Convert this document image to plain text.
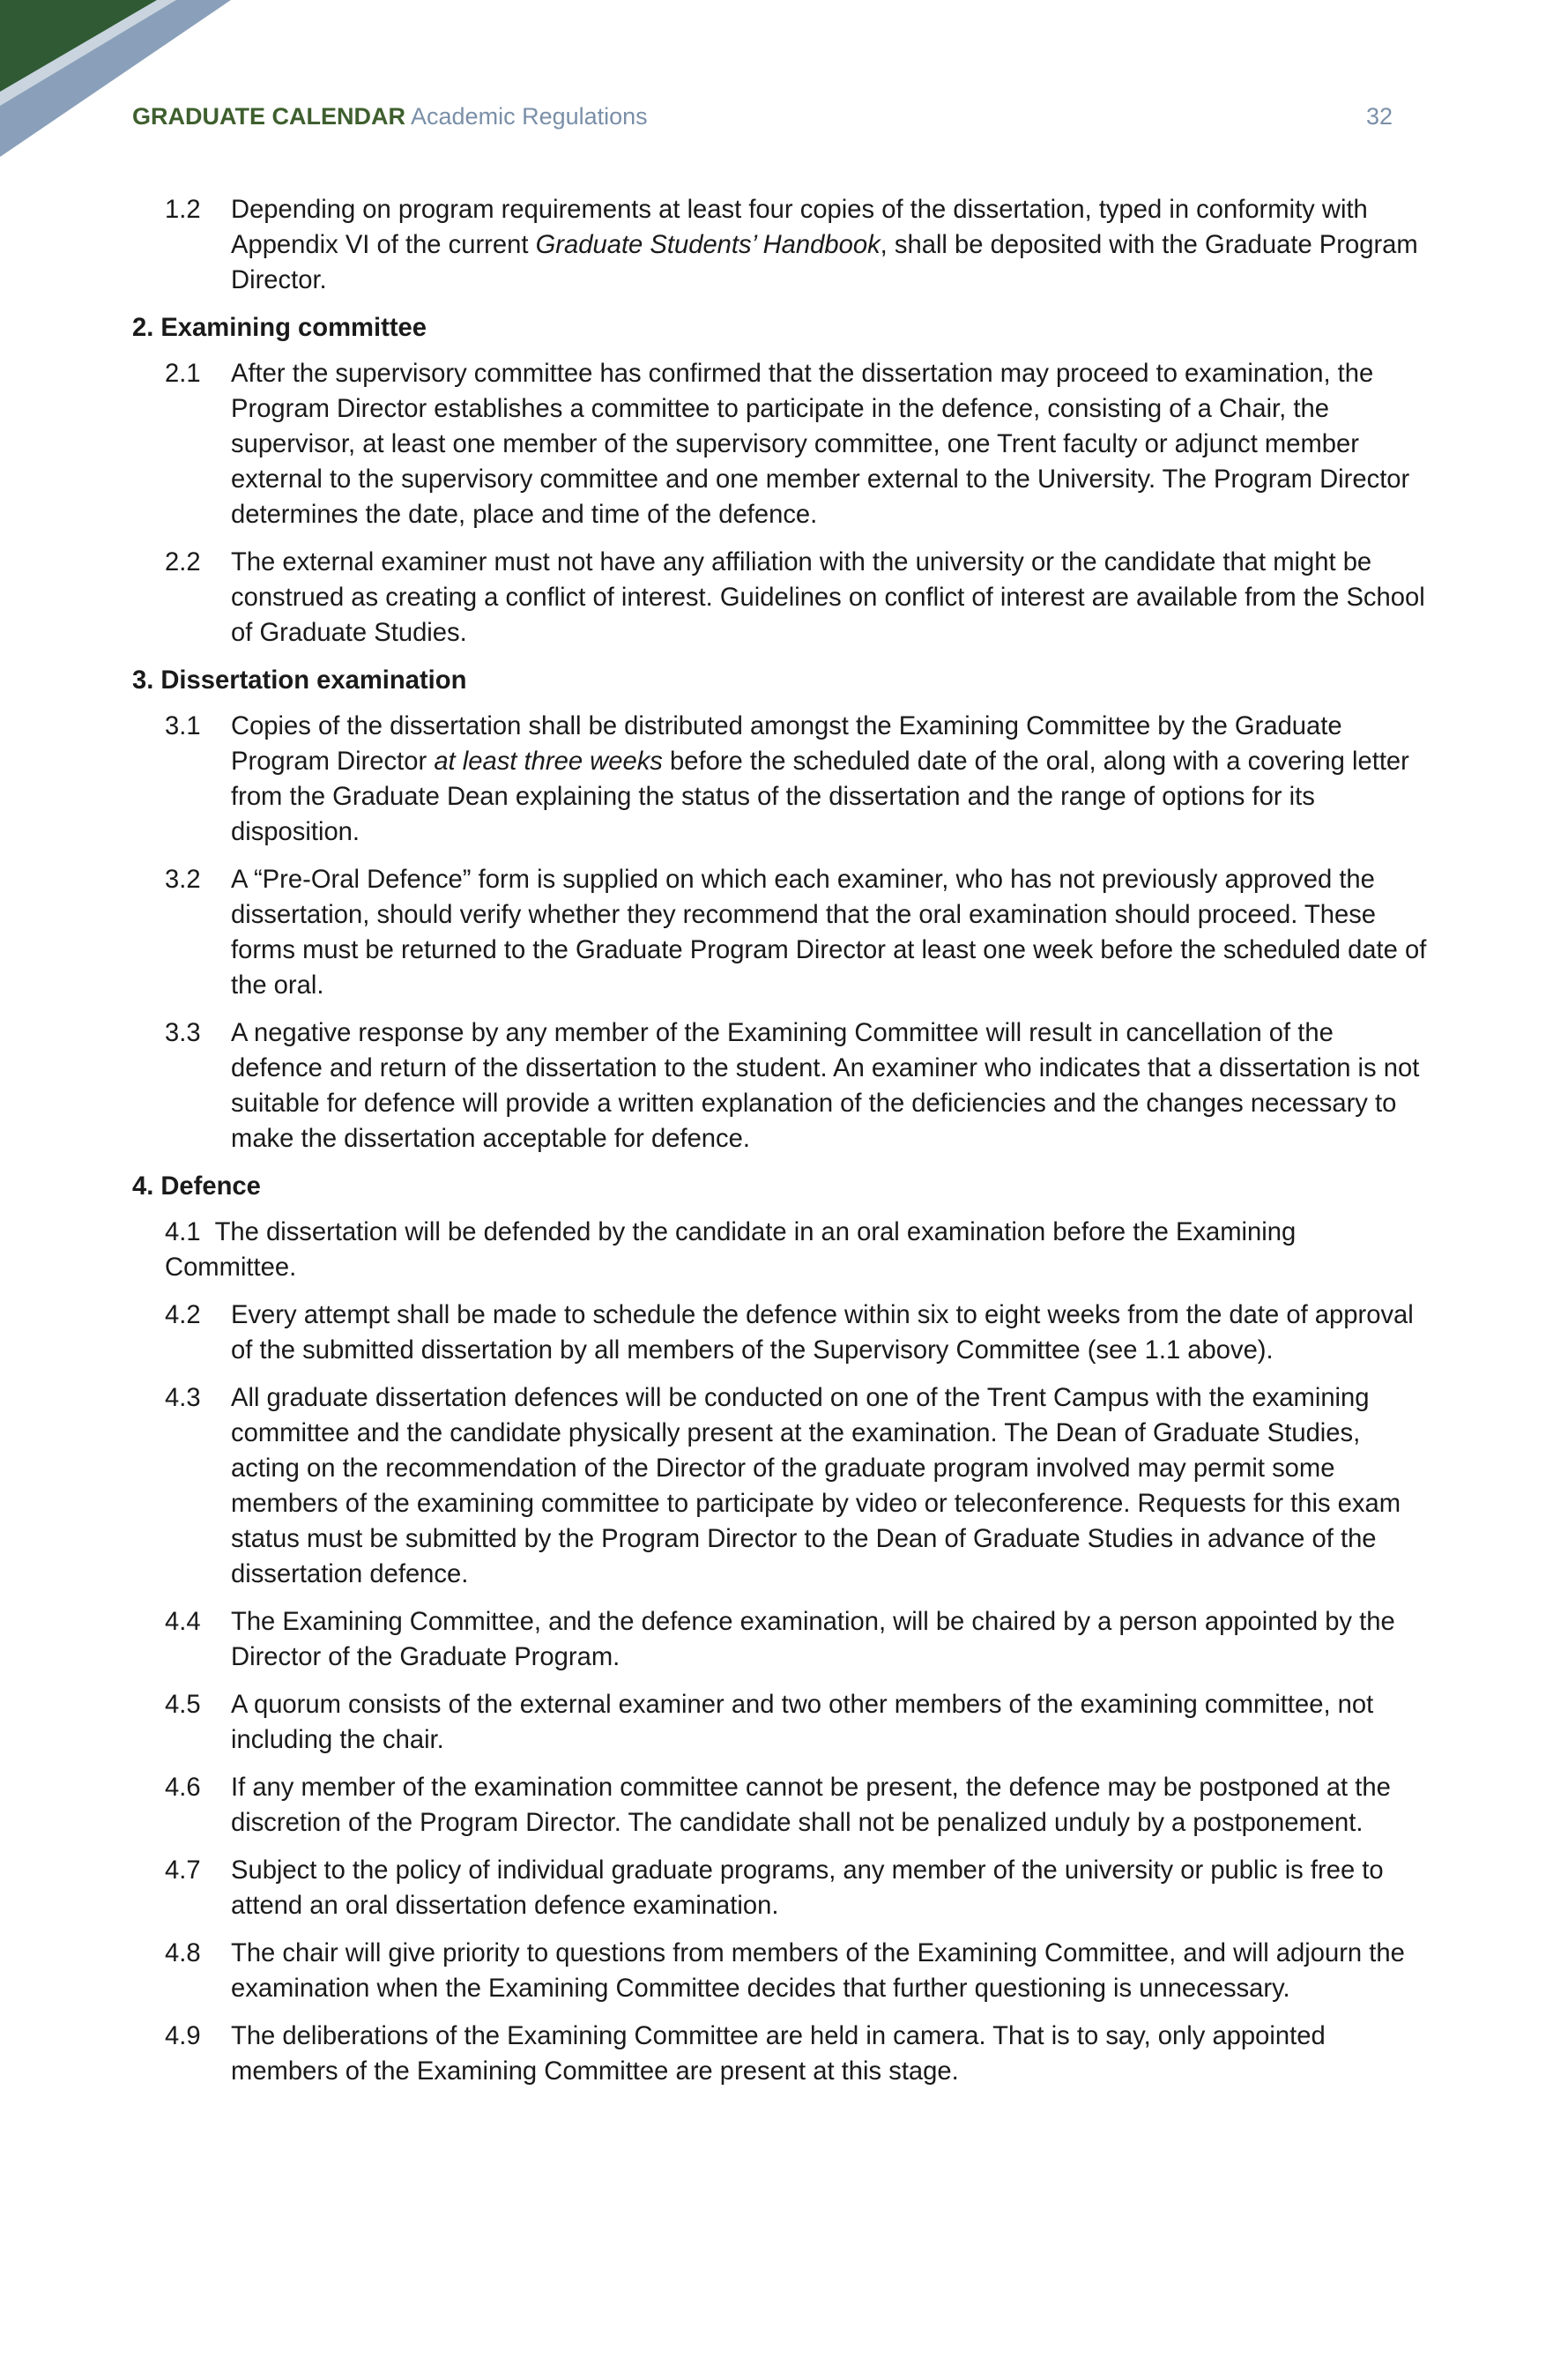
GRADUATE CALENDAR Academic Regulations	32
1.2 Depending on program requirements at least four copies of the dissertation, typed in conformity with Appendix VI of the current Graduate Students’ Handbook, shall be deposited with the Graduate Program Director.
2. Examining committee
2.1 After the supervisory committee has confirmed that the dissertation may proceed to examination, the Program Director establishes a committee to participate in the defence, consisting of a Chair, the supervisor, at least one member of the supervisory committee, one Trent faculty or adjunct member external to the supervisory committee and one member external to the University. The Program Director determines the date, place and time of the defence.
2.2 The external examiner must not have any affiliation with the university or the candidate that might be construed as creating a conflict of interest. Guidelines on conflict of interest are available from the School of Graduate Studies.
3. Dissertation examination
3.1 Copies of the dissertation shall be distributed amongst the Examining Committee by the Graduate Program Director at least three weeks before the scheduled date of the oral, along with a covering letter from the Graduate Dean explaining the status of the dissertation and the range of options for its disposition.
3.2 A “Pre-Oral Defence” form is supplied on which each examiner, who has not previously approved the dissertation, should verify whether they recommend that the oral examination should proceed. These forms must be returned to the Graduate Program Director at least one week before the scheduled date of the oral.
3.3 A negative response by any member of the Examining Committee will result in cancellation of the defence and return of the dissertation to the student. An examiner who indicates that a dissertation is not suitable for defence will provide a written explanation of the deficiencies and the changes necessary to make the dissertation acceptable for defence.
4. Defence
4.1 The dissertation will be defended by the candidate in an oral examination before the Examining Committee.
4.2 Every attempt shall be made to schedule the defence within six to eight weeks from the date of approval of the submitted dissertation by all members of the Supervisory Committee (see 1.1 above).
4.3 All graduate dissertation defences will be conducted on one of the Trent Campus with the examining committee and the candidate physically present at the examination. The Dean of Graduate Studies, acting on the recommendation of the Director of the graduate program involved may permit some members of the examining committee to participate by video or teleconference. Requests for this exam status must be submitted by the Program Director to the Dean of Graduate Studies in advance of the dissertation defence.
4.4 The Examining Committee, and the defence examination, will be chaired by a person appointed by the Director of the Graduate Program.
4.5 A quorum consists of the external examiner and two other members of the examining committee, not including the chair.
4.6 If any member of the examination committee cannot be present, the defence may be postponed at the discretion of the Program Director. The candidate shall not be penalized unduly by a postponement.
4.7 Subject to the policy of individual graduate programs, any member of the university or public is free to attend an oral dissertation defence examination.
4.8 The chair will give priority to questions from members of the Examining Committee, and will adjourn the examination when the Examining Committee decides that further questioning is unnecessary.
4.9 The deliberations of the Examining Committee are held in camera. That is to say, only appointed members of the Examining Committee are present at this stage.
